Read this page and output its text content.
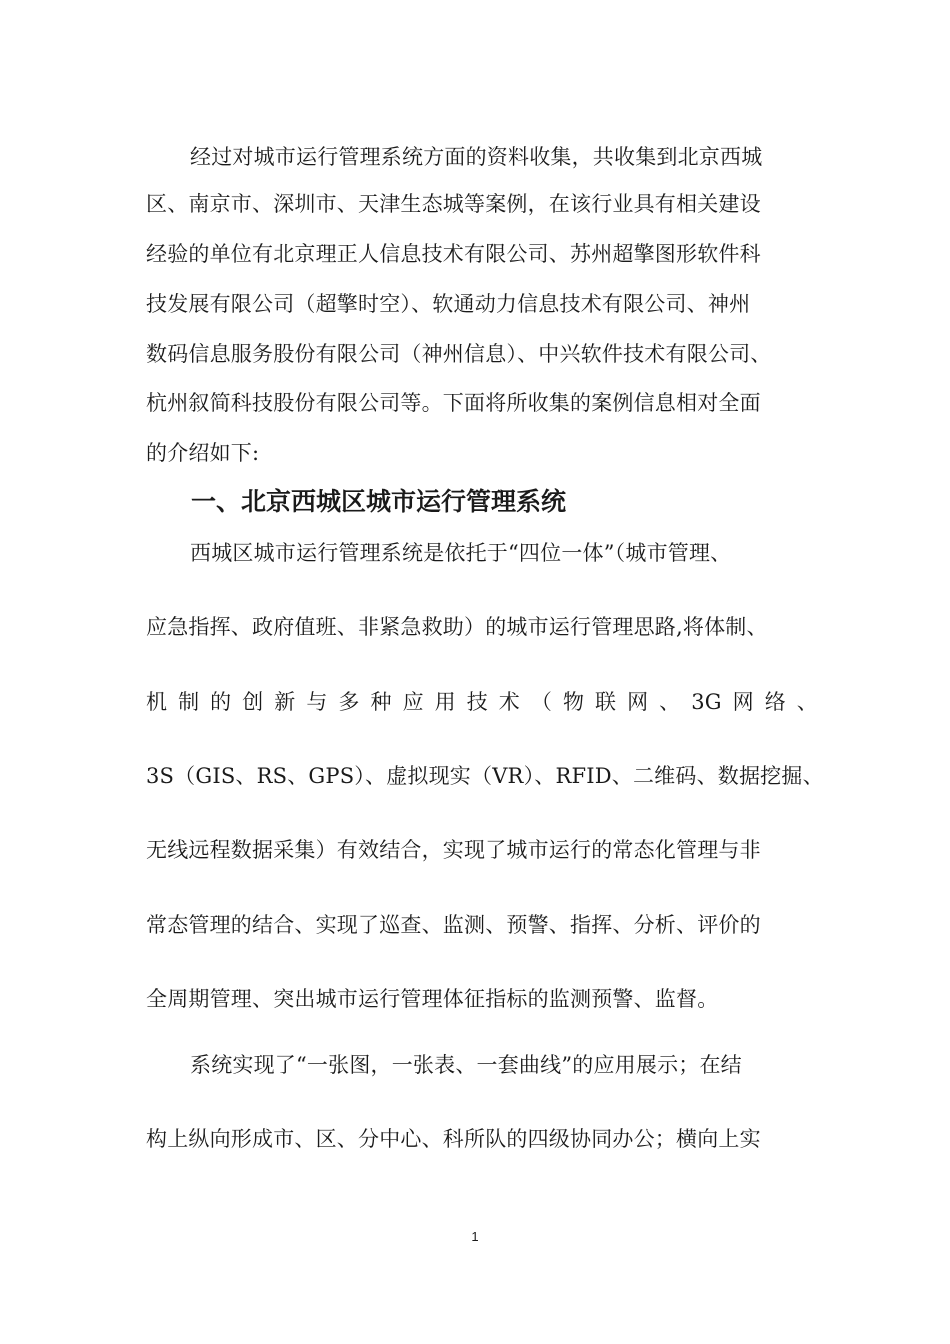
经过对城市运行管理系统方面的资料收集，共收集到北京西城
区、南京市、深圳市、天津生态城等案例，在该行业具有相关建设
经验的单位有北京理正人信息技术有限公司、苏州超擎图形软件科
技发展有限公司（超擎时空）、软通动力信息技术有限公司、神州
数码信息服务股份有限公司（神州信息）、中兴软件技术有限公司、
杭州叙简科技股份有限公司等。下面将所收集的案例信息相对全面
的介绍如下:
一、北京西城区城市运行管理系统
西城区城市运行管理系统是依托于“四位一体”（城市管理、
应急指挥、政府值班、非紧急救助）的城市运行管理思路,将体制、
机制的创新与多种应用技术（物联网、3G网络、
3S（GIS、RS、GPS）、虚拟现实（VR）、RFID、二维码、数据挖掘、
无线远程数据采集）有效结合，实现了城市运行的常态化管理与非
常态管理的结合、实现了巡查、监测、预警、指挥、分析、评价的
全周期管理、突出城市运行管理体征指标的监测预警、监督。
系统实现了“一张图，一张表、一套曲线”的应用展示；在结
构上纵向形成市、区、分中心、科所队的四级协同办公；横向上实
1
